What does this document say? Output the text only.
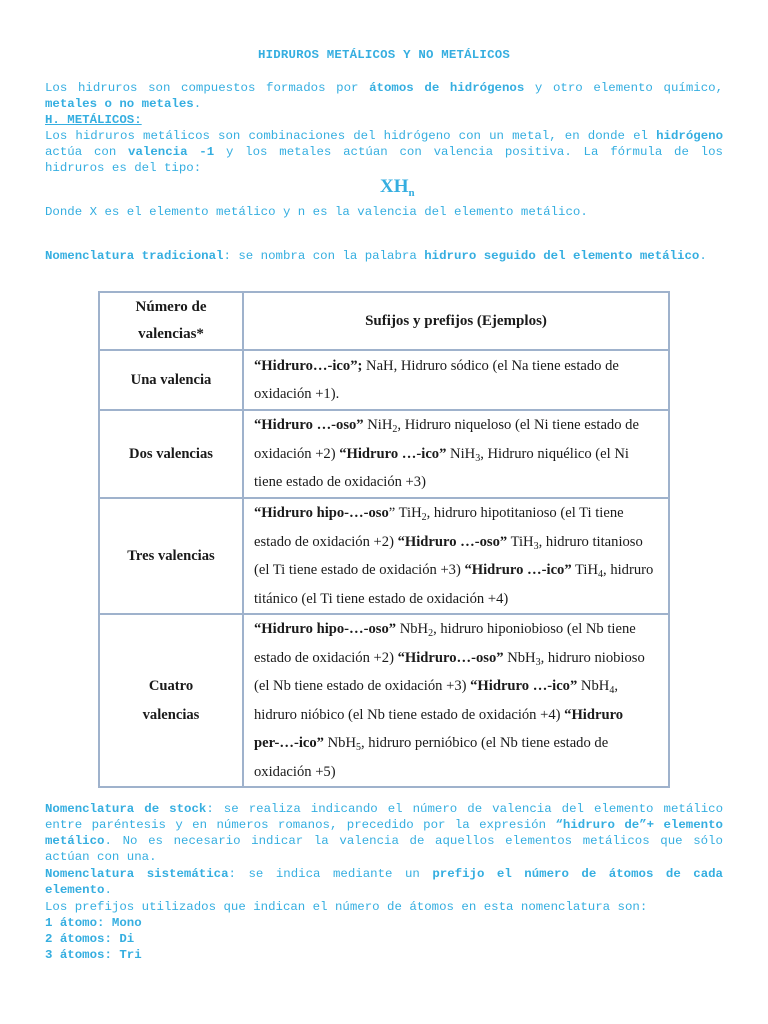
HIDRUROS METÁLICOS Y NO METÁLICOS
Los hidruros son compuestos formados por átomos de hidrógenos y otro elemento químico, metales o no metales.
H. METÁLICOS:
Los hidruros metálicos son combinaciones del hidrógeno con un metal, en donde el hidrógeno actúa con valencia -1 y los metales actúan con valencia positiva. La fórmula de los hidruros es del tipo:
$XH_n$
Donde X es el elemento metálico y n es la valencia del elemento metálico.
Nomenclatura tradicional: se nombra con la palabra hidruro seguido del elemento metálico.
Número de
valencias*	Sufijos y prefijos (Ejemplos)
Una valencia	“Hidruro…-ico”; NaH, Hidruro sódico (el Na tiene estado de oxidación +1).
Dos valencias	“Hidruro …-oso” NiH$_2$, Hidruro niqueloso (el Ni tiene estado de oxidación +2) “Hidruro …-ico” NiH$_3$, Hidruro niquélico (el Ni tiene estado de oxidación +3)
Tres valencias	“Hidruro hipo-…-oso” TiH$_2$, hidruro hipotitanioso (el Ti tiene estado de oxidación +2) “Hidruro …-oso” TiH$_3$, hidruro titanioso (el Ti tiene estado de oxidación +3) “Hidruro …-ico” TiH$_4$, hidruro titánico (el Ti tiene estado de oxidación +4)
Cuatro
valencias	“Hidruro hipo-…-oso” NbH$_2$, hidruro hiponiobioso (el Nb tiene estado de oxidación +2) “Hidruro…-oso” NbH$_3$, hidruro niobioso (el Nb tiene estado de oxidación +3) “Hidruro …-ico” NbH$_4$, hidruro nióbico (el Nb tiene estado de oxidación +4) “Hidruro per-…-ico” NbH$_5$, hidruro pernióbico (el Nb tiene estado de oxidación +5)
Nomenclatura de stock: se realiza indicando el número de valencia del elemento metálico entre paréntesis y en números romanos, precedido por la expresión “hidruro de”+ elemento metálico. No es necesario indicar la valencia de aquellos elementos metálicos que sólo actúan con una.
Nomenclatura sistemática: se indica mediante un prefijo el número de átomos de cada elemento.
Los prefijos utilizados que indican el número de átomos en esta nomenclatura son:
1 átomo: Mono
2 átomos: Di
3 átomos: Tri
